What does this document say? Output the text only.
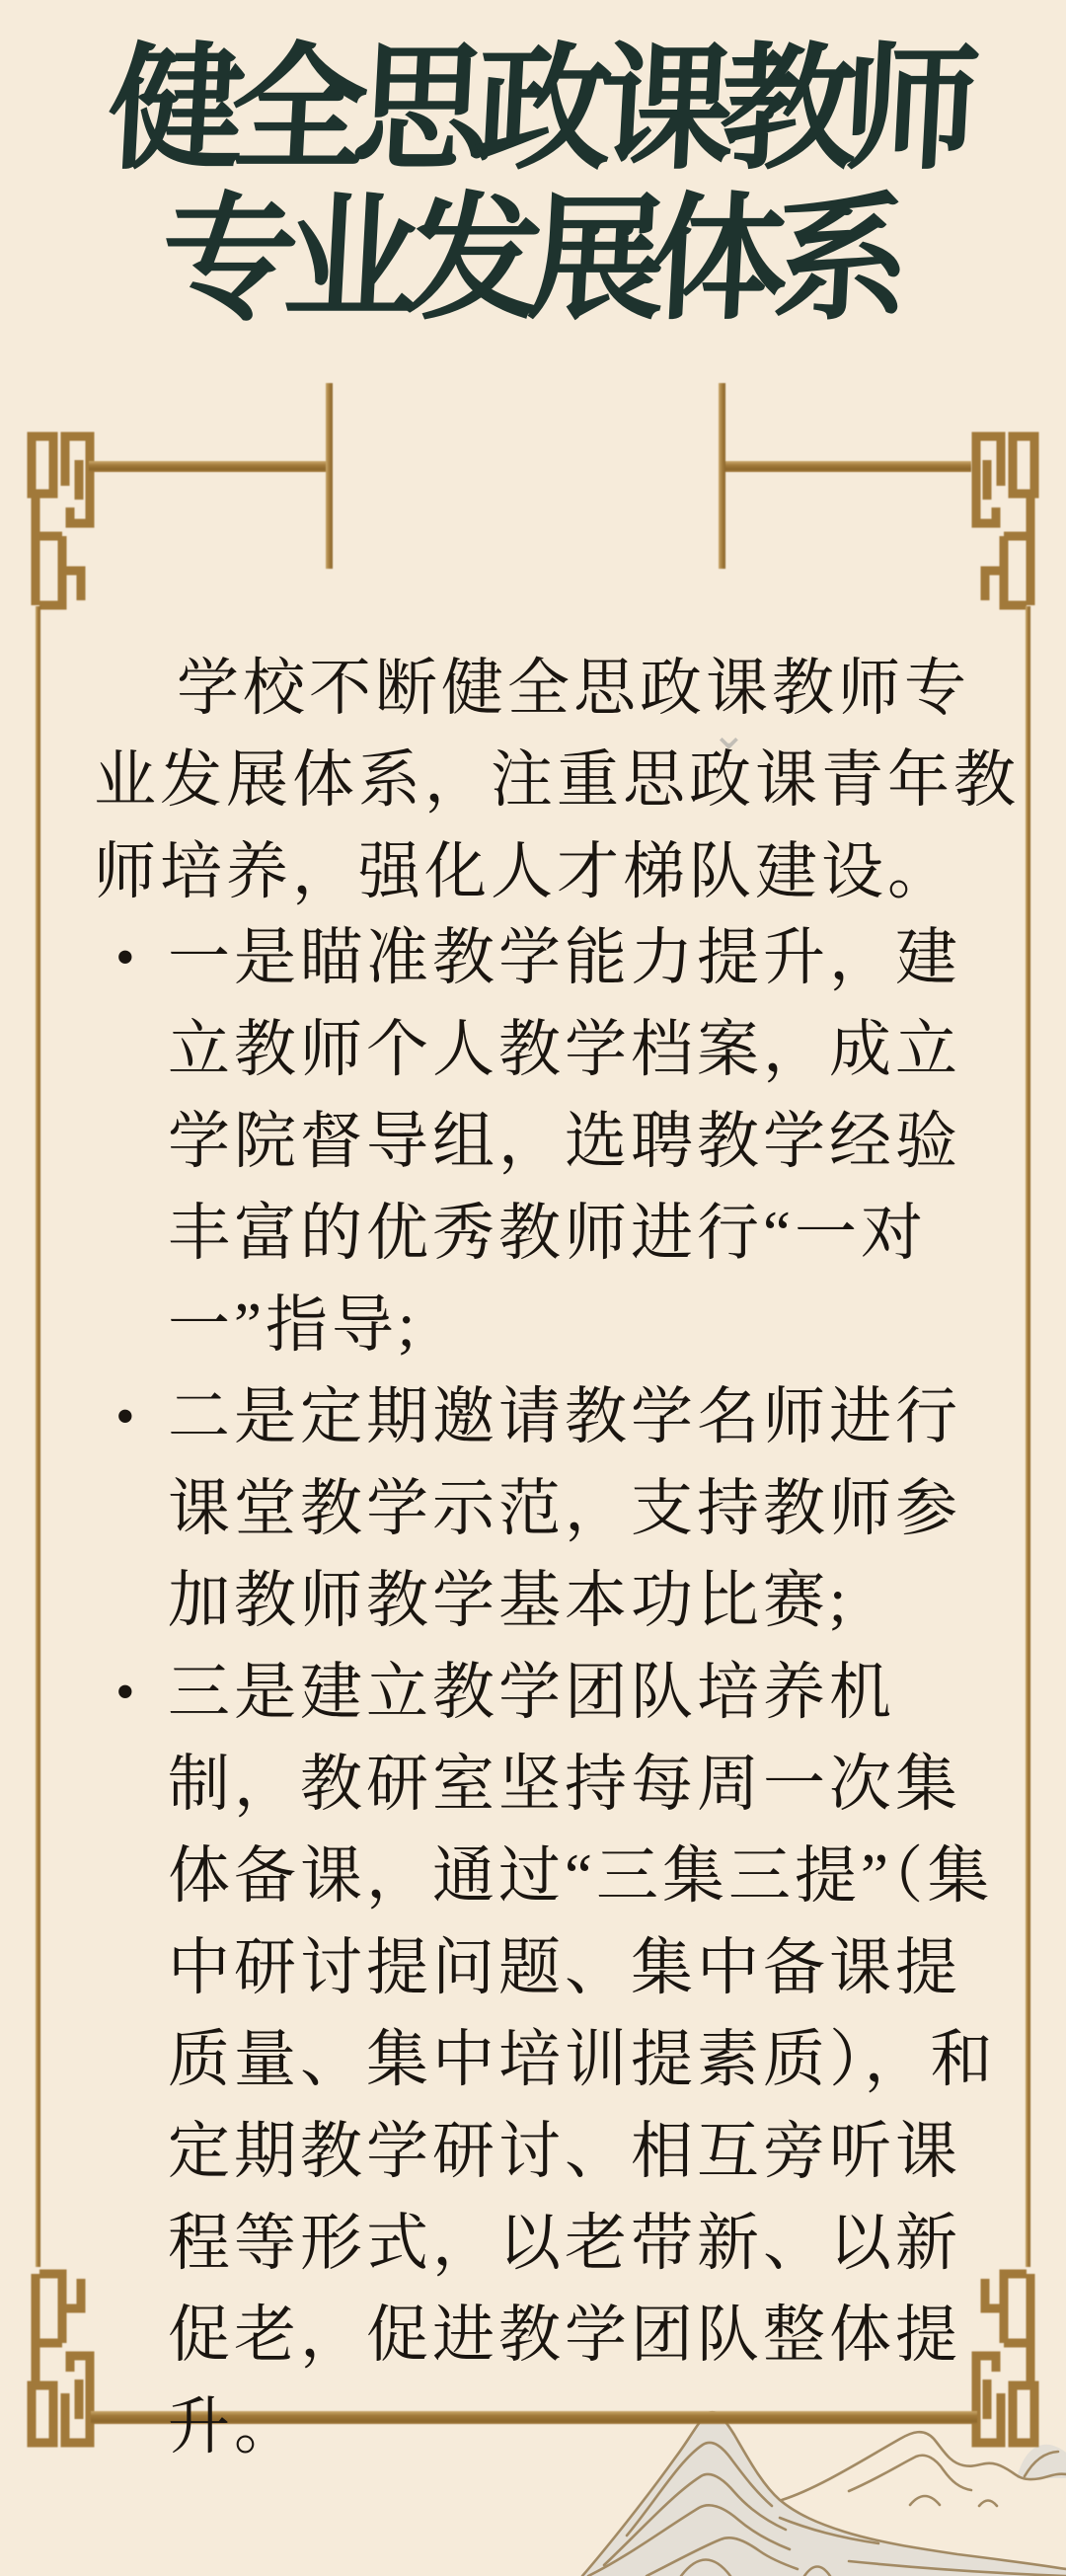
健全思政课教师
专业发展体系

学校不断健全思政课教师专业发展体系，注重思政课青年教师培养，强化人才梯队建设。

⌄
• 一是瞄准教学能力提升，建立教师个人教学档案，成立学院督导组，选聘教学经验丰富的优秀教师进行“一对一”指导;
• 二是定期邀请教学名师进行课堂教学示范，支持教师参加教师教学基本功比赛;
• 三是建立教学团队培养机制，教研室坚持每周一次集体备课，通过“三集三提”（集中研讨提问题、集中备课提质量、集中培训提素质），和定期教学研讨、相互旁听课程等形式，以老带新、以新促老，促进教学团队整体提升。
